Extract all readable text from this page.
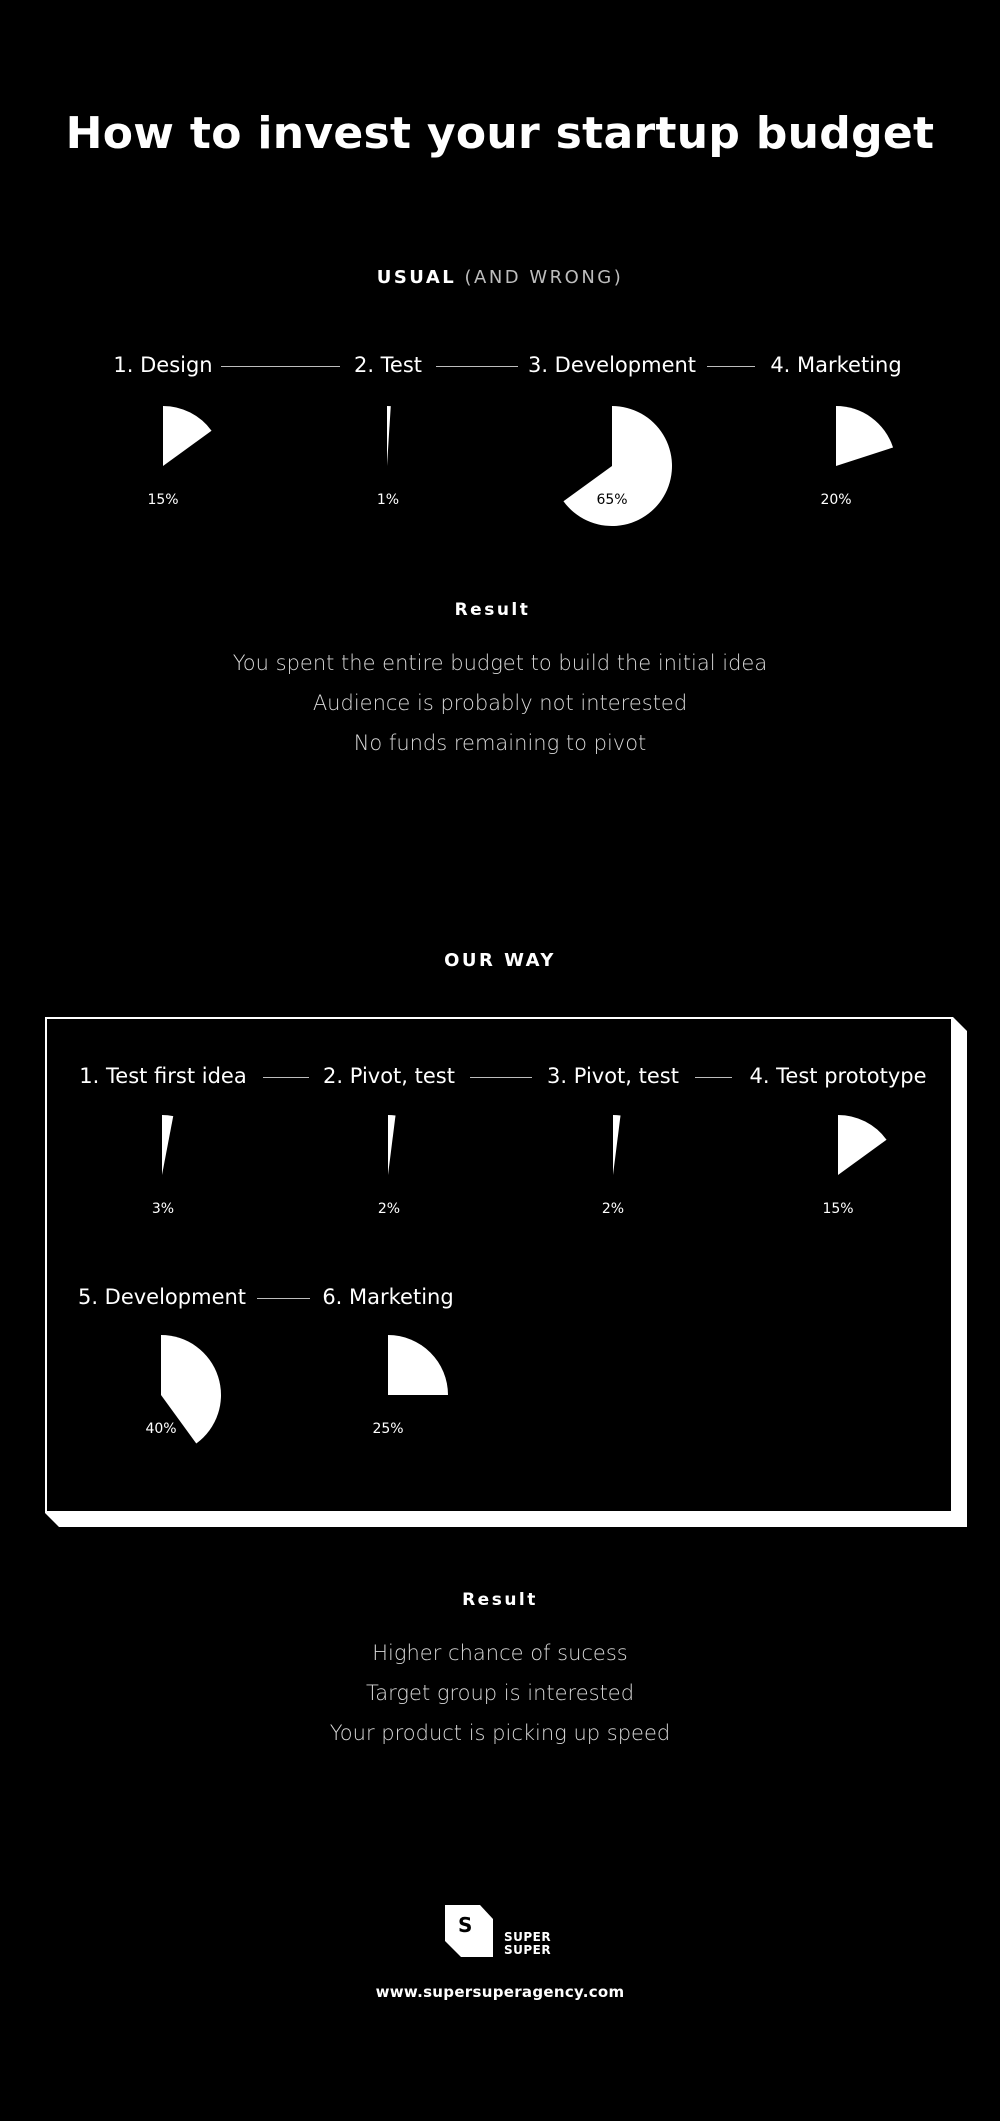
How to invest your startup budget
USUAL (AND WRONG)
1. Design	2. Test	3. Development	4. Marketing
15%	1%	65%	20%
Result
You spent the entire budget to build the initial idea
Audience is probably not interested
No funds remaining to pivot
OUR WAY
1. Test first idea	2. Pivot, test	3. Pivot, test	4. Test prototype
3%	2%	2%	15%
5. Development	6. Marketing
40%	25%
Result
Higher chance of sucess
Target group is interested
Your product is picking up speed
S	SUPER
SUPER
www.supersuperagency.com
